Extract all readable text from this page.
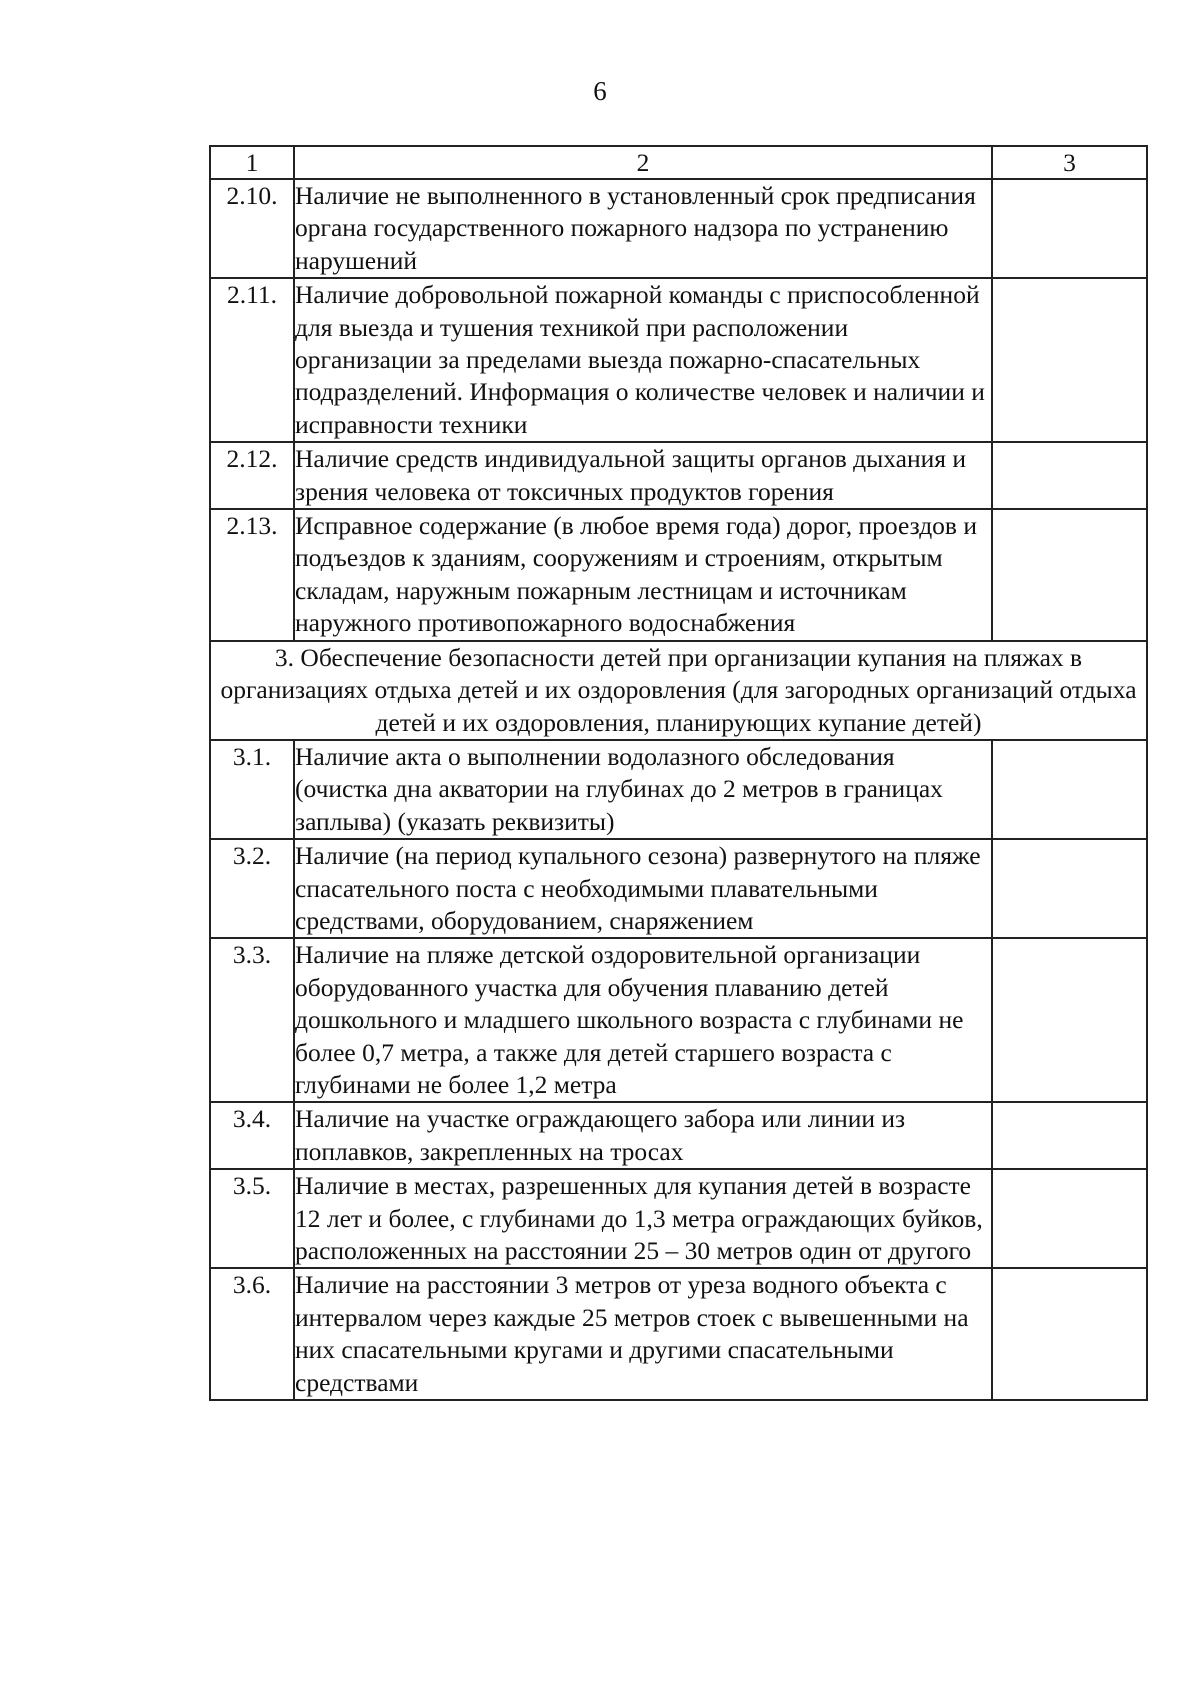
6
1	2	3
2.10.	Наличие не выполненного в установленный срок предписания органа государственного пожарного надзора по устранению нарушений	
2.11.	Наличие добровольной пожарной команды с приспособленной для выезда и тушения техникой при расположении организации за пределами выезда пожарно-спасательных подразделений. Информация о количестве человек и наличии и исправности техники	
2.12.	Наличие средств индивидуальной защиты органов дыхания и зрения человека от токсичных продуктов горения	
2.13.	Исправное содержание (в любое время года) дорог, проездов и подъездов к зданиям, сооружениям и строениям, открытым складам, наружным пожарным лестницам и источникам наружного противопожарного водоснабжения	
3. Обеспечение безопасности детей при организации купания на пляжах в организациях отдыха детей и их оздоровления (для загородных организаций отдыха детей и их оздоровления, планирующих купание детей)		
3.1.	Наличие акта о выполнении водолазного обследования (очистка дна акватории на глубинах до 2 метров в границах заплыва) (указать реквизиты)	
3.2.	Наличие (на период купального сезона) развернутого на пляже спасательного поста с необходимыми плавательными средствами, оборудованием, снаряжением	
3.3.	Наличие на пляже детской оздоровительной организации оборудованного участка для обучения плаванию детей дошкольного и младшего школьного возраста с глубинами не более 0,7 метра, а также для детей старшего возраста с глубинами не более 1,2 метра	
3.4.	Наличие на участке ограждающего забора или линии из поплавков, закрепленных на тросах	
3.5.	Наличие в местах, разрешенных для купания детей в возрасте 12 лет и более, с глубинами до 1,3 метра ограждающих буйков, расположенных на расстоянии 25 – 30 метров один от другого	
3.6.	Наличие на расстоянии 3 метров от уреза водного объекта с интервалом через каждые 25 метров стоек с вывешенными на них спасательными кругами и другими спасательными средствами	
